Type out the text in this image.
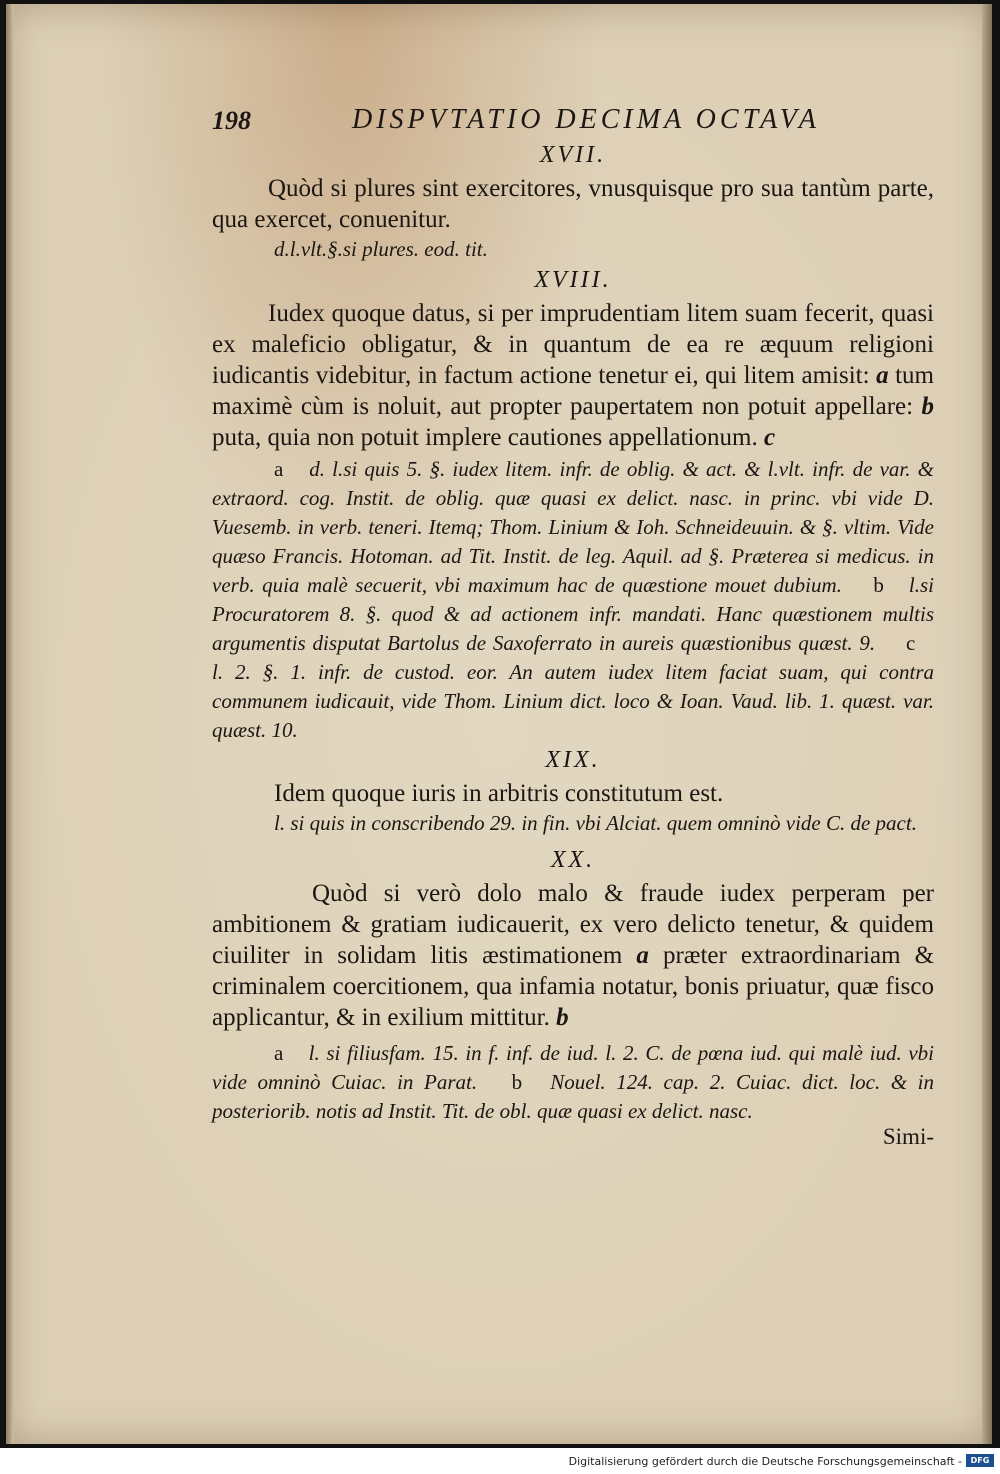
198	DISPVTATIO DECIMA OCTAVA
XVII.

Quòd si plures sint exercitores, vnusquisque pro sua tantùm parte, qua exercet, conuenitur.

d.l.vlt.§.si plures. eod. tit.
XVIII.

Iudex quoque datus, si per imprudentiam litem suam fecerit, quasi ex maleficio obligatur, & in quantum de ea re æquum religioni iudicantis videbitur, in factum actione tenetur ei, qui litem amisit: a tum maximè cùm is noluit, aut propter paupertatem non potuit appellare: b puta, quia non potuit implere cautiones appellationum. c

a d. l.si quis 5. §. iudex litem. infr. de oblig. & act. & l.vlt. infr. de var. & extraord. cog. Instit. de oblig. quæ quasi ex delict. nasc. in princ. vbi vide D. Vuesemb. in verb. teneri. Itemq; Thom. Linium & Ioh. Schneideuuin. & §. vltim. Vide quæso Francis. Hotoman. ad Tit. Instit. de leg. Aquil. ad §. Præterea si medicus. in verb. quia malè secuerit, vbi maximum hac de quæstione mouet dubium. b l.si Procuratorem 8. §. quod & ad actionem infr. mandati. Hanc quæstionem multis argumentis disputat Bartolus de Saxoferrato in aureis quæstionibus quæst. 9. c l. 2. §. 1. infr. de custod. eor. An autem iudex litem faciat suam, qui contra communem iudicauit, vide Thom. Linium dict. loco & Ioan. Vaud. lib. 1. quæst. var. quæst. 10.
XIX.

Idem quoque iuris in arbitris constitutum est.

l. si quis in conscribendo 29. in fin. vbi Alciat. quem omninò vide C. de pact.
XX.

Quòd si verò dolo malo & fraude iudex perperam per ambitionem & gratiam iudicauerit, ex vero delicto tenetur, & quidem ciuiliter in solidam litis æstimationem a præter extraordinariam & criminalem coercitionem, qua infamia notatur, bonis priuatur, quæ fisco applicantur, & in exilium mittitur. b

a l. si filiusfam. 15. in f. inf. de iud. l. 2. C. de pœna iud. qui malè iud. vbi vide omninò Cuiac. in Parat. b Nouel. 124. cap. 2. Cuiac. dict. loc. & in posteriorib. notis ad Instit. Tit. de obl. quæ quasi ex delict. nasc.
Simi-
Digitalisierung gefördert durch die Deutsche Forschungsgemeinschaft -	DFG
